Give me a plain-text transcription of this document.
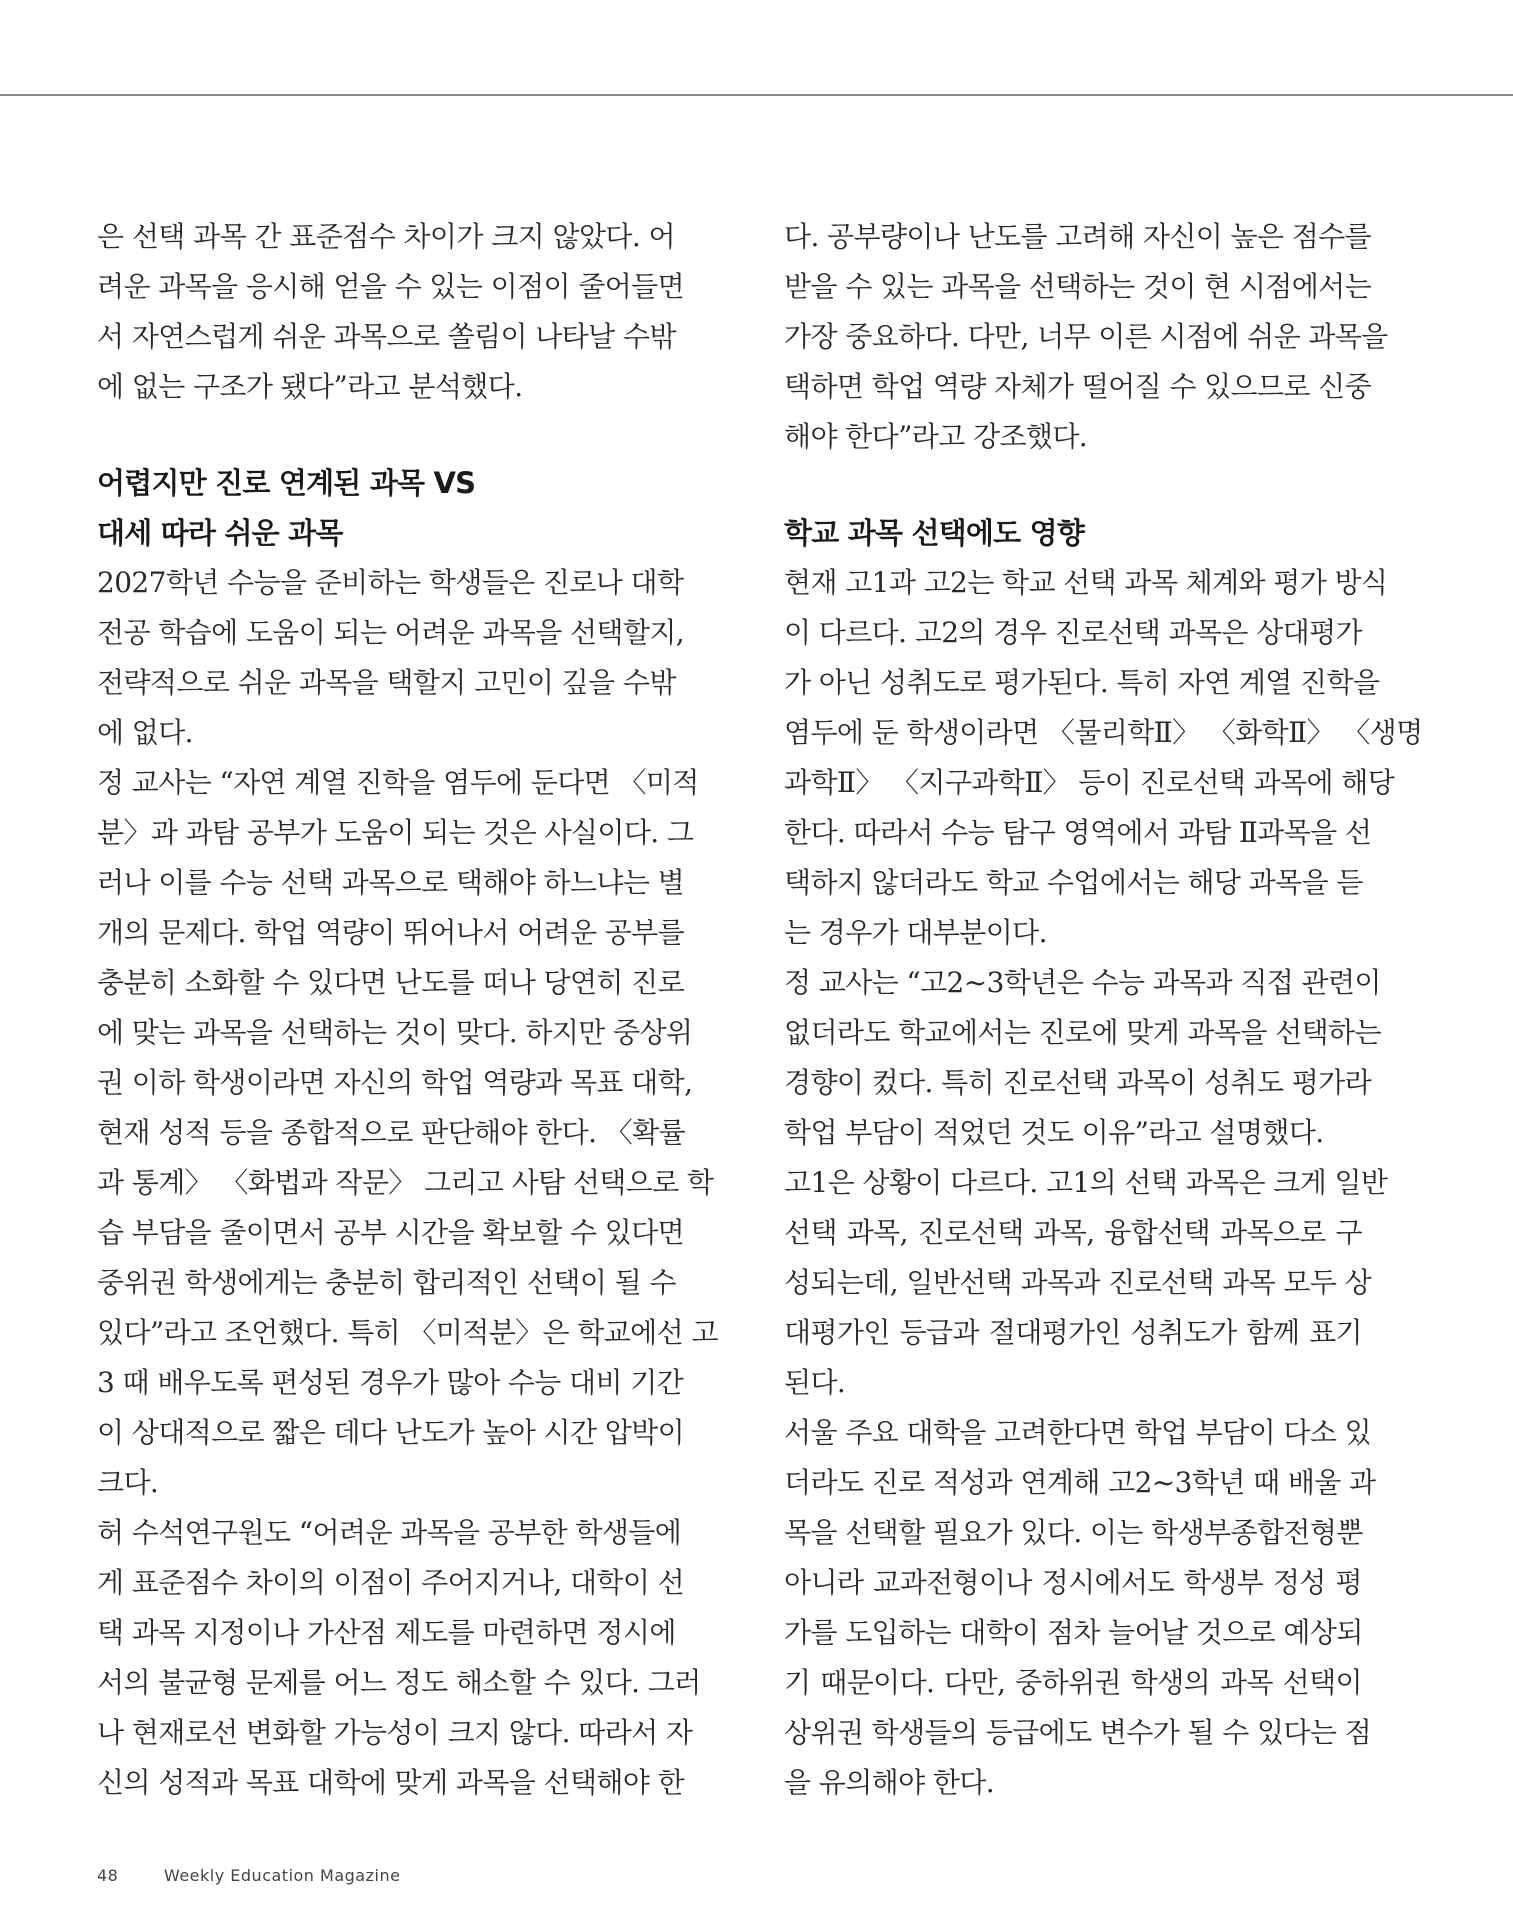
은 선택 과목 간 표준점수 차이가 크지 않았다. 어
려운 과목을 응시해 얻을 수 있는 이점이 줄어들면
서 자연스럽게 쉬운 과목으로 쏠림이 나타날 수밖
에 없는 구조가 됐다”라고 분석했다.
어렵지만 진로 연계된 과목 VS
대세 따라 쉬운 과목
2027학년 수능을 준비하는 학생들은 진로나 대학
전공 학습에 도움이 되는 어려운 과목을 선택할지,
전략적으로 쉬운 과목을 택할지 고민이 깊을 수밖
에 없다.
정 교사는 “자연 계열 진학을 염두에 둔다면 〈미적
분〉과 과탐 공부가 도움이 되는 것은 사실이다. 그
러나 이를 수능 선택 과목으로 택해야 하느냐는 별
개의 문제다. 학업 역량이 뛰어나서 어려운 공부를
충분히 소화할 수 있다면 난도를 떠나 당연히 진로
에 맞는 과목을 선택하는 것이 맞다. 하지만 중상위
권 이하 학생이라면 자신의 학업 역량과 목표 대학,
현재 성적 등을 종합적으로 판단해야 한다. 〈확률
과 통계〉 〈화법과 작문〉 그리고 사탐 선택으로 학
습 부담을 줄이면서 공부 시간을 확보할 수 있다면
중위권 학생에게는 충분히 합리적인 선택이 될 수
있다”라고 조언했다. 특히 〈미적분〉은 학교에선 고
3 때 배우도록 편성된 경우가 많아 수능 대비 기간
이 상대적으로 짧은 데다 난도가 높아 시간 압박이
크다.
허 수석연구원도 “어려운 과목을 공부한 학생들에
게 표준점수 차이의 이점이 주어지거나, 대학이 선
택 과목 지정이나 가산점 제도를 마련하면 정시에
서의 불균형 문제를 어느 정도 해소할 수 있다. 그러
나 현재로선 변화할 가능성이 크지 않다. 따라서 자
신의 성적과 목표 대학에 맞게 과목을 선택해야 한
다. 공부량이나 난도를 고려해 자신이 높은 점수를
받을 수 있는 과목을 선택하는 것이 현 시점에서는
가장 중요하다. 다만, 너무 이른 시점에 쉬운 과목을
택하면 학업 역량 자체가 떨어질 수 있으므로 신중
해야 한다”라고 강조했다.
학교 과목 선택에도 영향
현재 고1과 고2는 학교 선택 과목 체계와 평가 방식
이 다르다. 고2의 경우 진로선택 과목은 상대평가
가 아닌 성취도로 평가된다. 특히 자연 계열 진학을
염두에 둔 학생이라면 〈물리학Ⅱ〉 〈화학Ⅱ〉 〈생명
과학Ⅱ〉 〈지구과학Ⅱ〉 등이 진로선택 과목에 해당
한다. 따라서 수능 탐구 영역에서 과탐 Ⅱ과목을 선
택하지 않더라도 학교 수업에서는 해당 과목을 듣
는 경우가 대부분이다.
정 교사는 “고2~3학년은 수능 과목과 직접 관련이
없더라도 학교에서는 진로에 맞게 과목을 선택하는
경향이 컸다. 특히 진로선택 과목이 성취도 평가라
학업 부담이 적었던 것도 이유”라고 설명했다.
고1은 상황이 다르다. 고1의 선택 과목은 크게 일반
선택 과목, 진로선택 과목, 융합선택 과목으로 구
성되는데, 일반선택 과목과 진로선택 과목 모두 상
대평가인 등급과 절대평가인 성취도가 함께 표기
된다.
서울 주요 대학을 고려한다면 학업 부담이 다소 있
더라도 진로 적성과 연계해 고2~3학년 때 배울 과
목을 선택할 필요가 있다. 이는 학생부종합전형뿐
아니라 교과전형이나 정시에서도 학생부 정성 평
가를 도입하는 대학이 점차 늘어날 것으로 예상되
기 때문이다. 다만, 중하위권 학생의 과목 선택이
상위권 학생들의 등급에도 변수가 될 수 있다는 점
을 유의해야 한다.
48	Weekly Education Magazine
